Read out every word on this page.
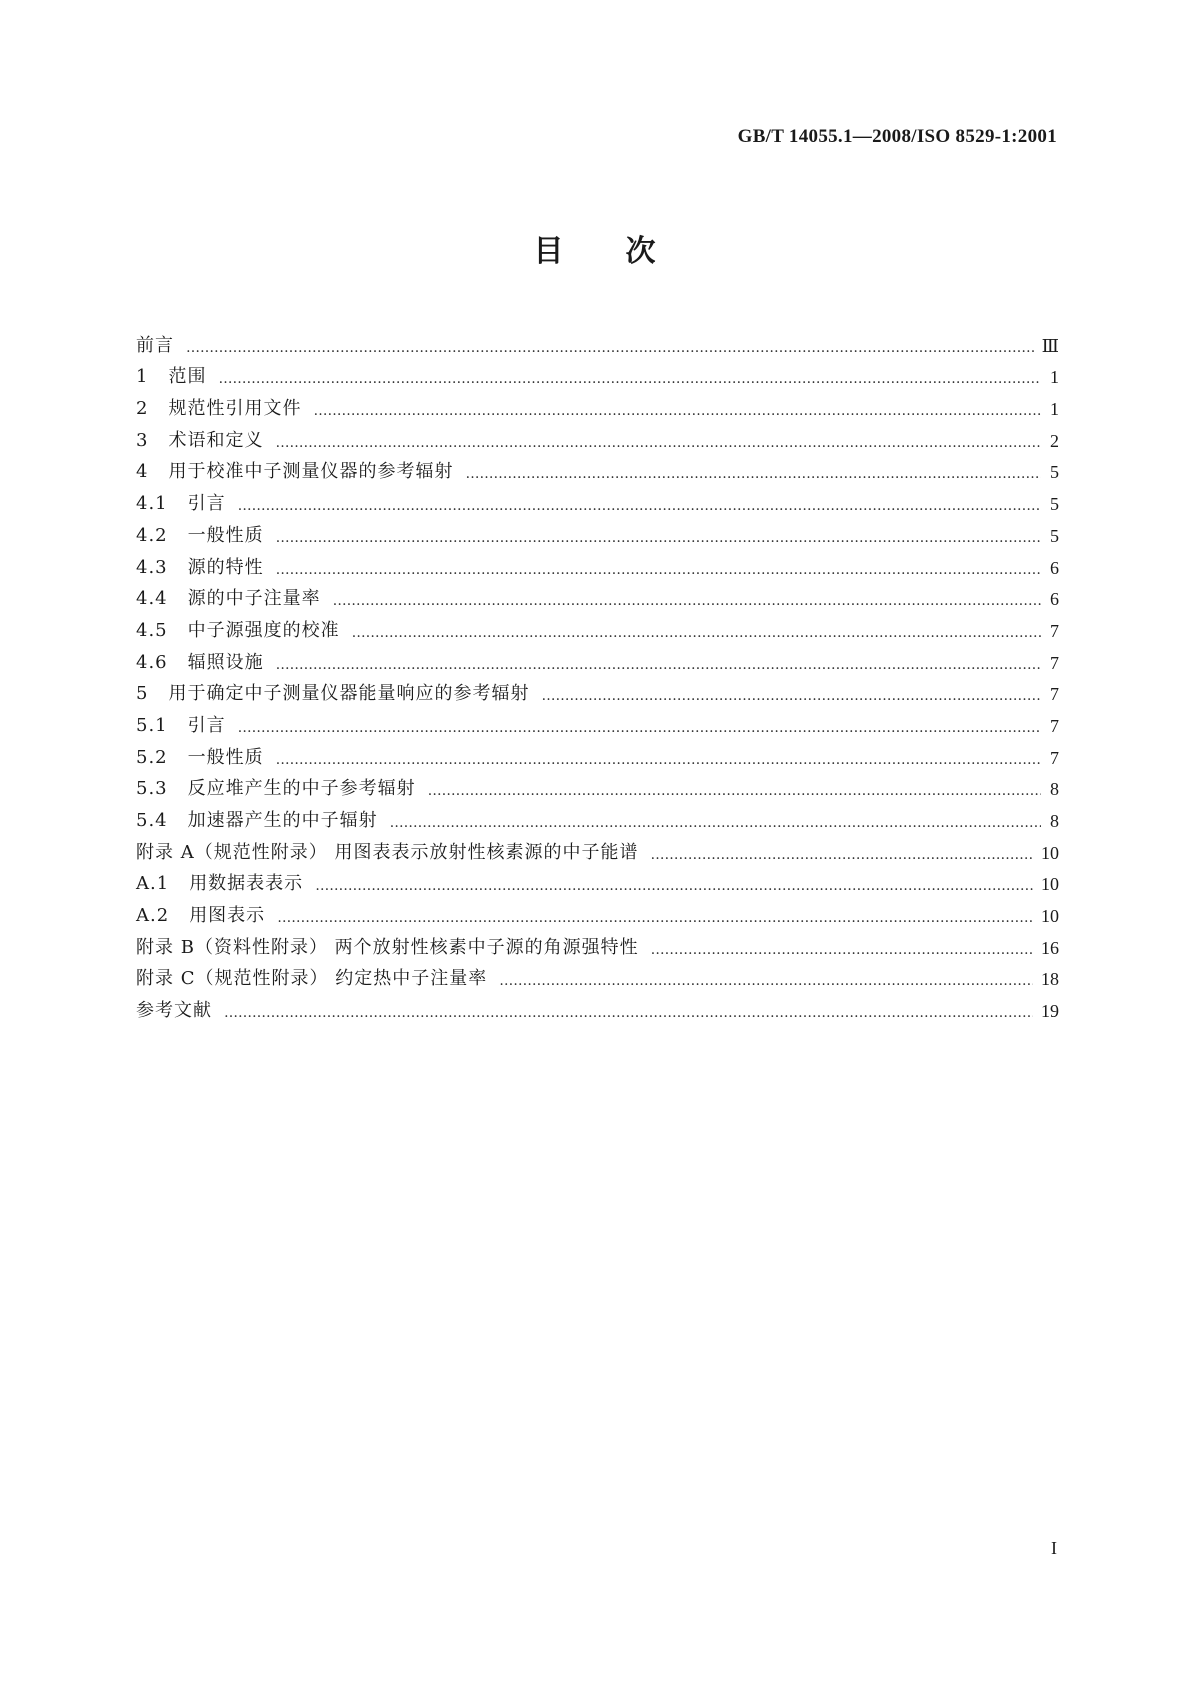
GB/T 14055.1—2008/ISO 8529-1:2001
目 次
前言 …………………………………………………………………………………………………………………………………………………………………………………………	Ⅲ
1 范围 …………………………………………………………………………………………………………………………………………………………………………………………	1
2 规范性引用文件 …………………………………………………………………………………………………………………………………………………………………………………………	1
3 术语和定义 …………………………………………………………………………………………………………………………………………………………………………………………	2
4 用于校准中子测量仪器的参考辐射 …………………………………………………………………………………………………………………………………………………………………………………………	5
4.1 引言 …………………………………………………………………………………………………………………………………………………………………………………………	5
4.2 一般性质 …………………………………………………………………………………………………………………………………………………………………………………………	5
4.3 源的特性 …………………………………………………………………………………………………………………………………………………………………………………………	6
4.4 源的中子注量率 …………………………………………………………………………………………………………………………………………………………………………………………	6
4.5 中子源强度的校准 …………………………………………………………………………………………………………………………………………………………………………………………	7
4.6 辐照设施 …………………………………………………………………………………………………………………………………………………………………………………………	7
5 用于确定中子测量仪器能量响应的参考辐射 …………………………………………………………………………………………………………………………………………………………………………………………	7
5.1 引言 …………………………………………………………………………………………………………………………………………………………………………………………	7
5.2 一般性质 …………………………………………………………………………………………………………………………………………………………………………………………	7
5.3 反应堆产生的中子参考辐射 …………………………………………………………………………………………………………………………………………………………………………………………	8
5.4 加速器产生的中子辐射 …………………………………………………………………………………………………………………………………………………………………………………………	8
附录 A（规范性附录） 用图表表示放射性核素源的中子能谱 …………………………………………………………………………………………………………………………………………………………………………………………	10
A.1 用数据表表示 …………………………………………………………………………………………………………………………………………………………………………………………	10
A.2 用图表示 …………………………………………………………………………………………………………………………………………………………………………………………	10
附录 B（资料性附录） 两个放射性核素中子源的角源强特性 …………………………………………………………………………………………………………………………………………………………………………………………	16
附录 C（规范性附录） 约定热中子注量率 …………………………………………………………………………………………………………………………………………………………………………………………	18
参考文献 …………………………………………………………………………………………………………………………………………………………………………………………	19
I
